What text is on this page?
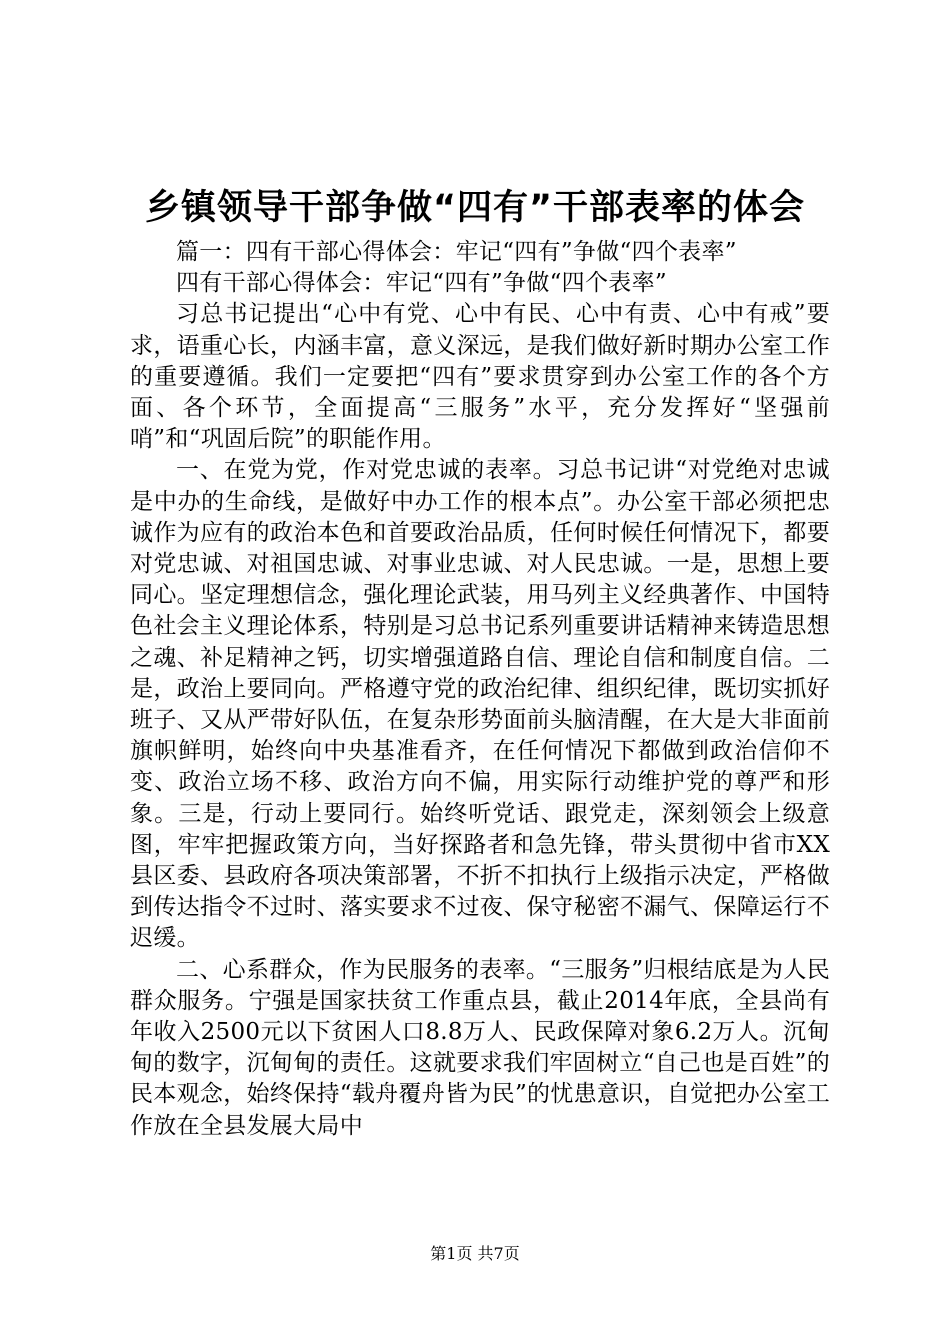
乡镇领导干部争做“四有”干部表率的体会

篇一：四有干部心得体会：牢记“四有”争做“四个表率”

四有干部心得体会：牢记“四有”争做“四个表率”

习总书记提出“心中有党、心中有民、心中有责、心中有戒”要求，语重心长，内涵丰富，意义深远，是我们做好新时期办公室工作的重要遵循。我们一定要把“四有”要求贯穿到办公室工作的各个方面、各个环节，全面提高“三服务”水平，充分发挥好“坚强前哨”和“巩固后院”的职能作用。

一、在党为党，作对党忠诚的表率。习总书记讲“对党绝对忠诚是中办的生命线，是做好中办工作的根本点”。办公室干部必须把忠诚作为应有的政治本色和首要政治品质，任何时候任何情况下，都要对党忠诚、对祖国忠诚、对事业忠诚、对人民忠诚。一是，思想上要同心。坚定理想信念，强化理论武装，用马列主义经典著作、中国特色社会主义理论体系，特别是习总书记系列重要讲话精神来铸造思想之魂、补足精神之钙，切实增强道路自信、理论自信和制度自信。二是，政治上要同向。严格遵守党的政治纪律、组织纪律，既切实抓好班子、又从严带好队伍，在复杂形势面前头脑清醒，在大是大非面前旗帜鲜明，始终向中央基准看齐，在任何情况下都做到政治信仰不变、政治立场不移、政治方向不偏，用实际行动维护党的尊严和形象。三是，行动上要同行。始终听党话、跟党走，深刻领会上级意图，牢牢把握政策方向，当好探路者和急先锋，带头贯彻中省市XX县区委、县政府各项决策部署，不折不扣执行上级指示决定，严格做到传达指令不过时、落实要求不过夜、保守秘密不漏气、保障运行不迟缓。

二、心系群众，作为民服务的表率。“三服务”归根结底是为人民群众服务。宁强是国家扶贫工作重点县，截止2014年底，全县尚有年收入2500元以下贫困人口8.8万人、民政保障对象6.2万人。沉甸甸的数字，沉甸甸的责任。这就要求我们牢固树立“自己也是百姓”的民本观念，始终保持“载舟覆舟皆为民”的忧患意识，自觉把办公室工作放在全县发展大局中

第1页 共7页
